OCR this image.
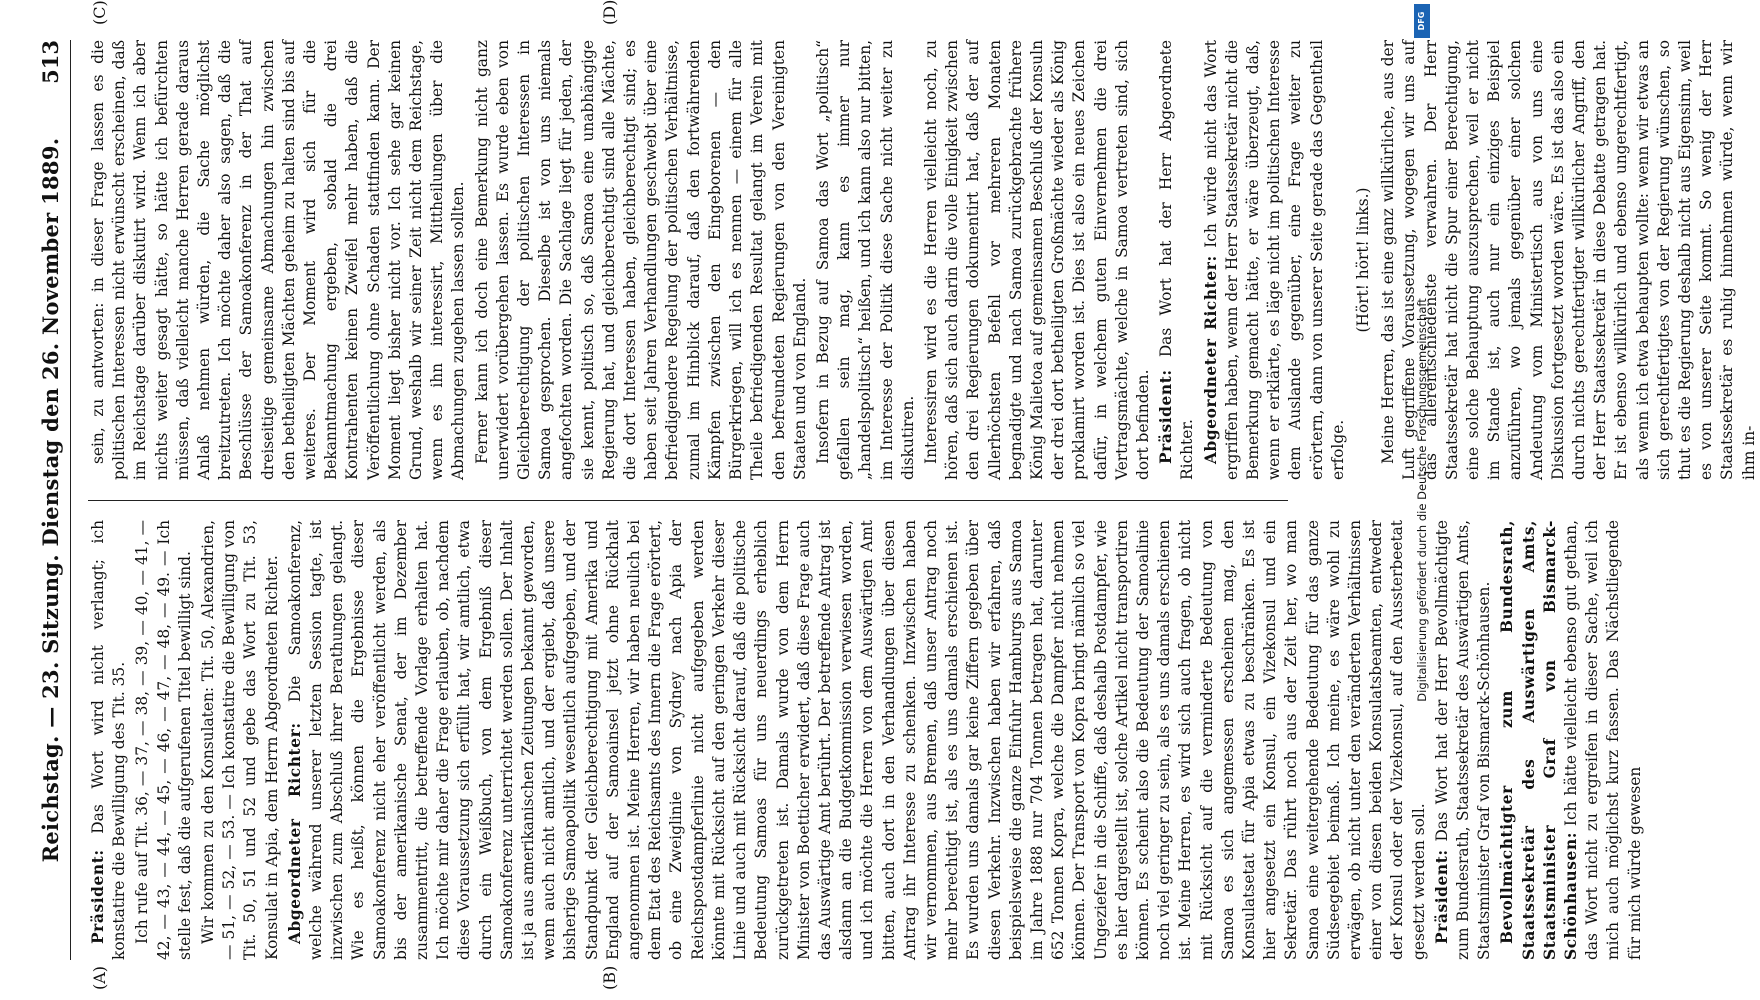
Reichstag. — 23. Sitzung. Dienstag den 26. November 1889.
513
(A)	(B)
(C)	(D)

Präsident: Das Wort wird nicht verlangt; ich konstatire die Bewilligung des Tit. 35. Ich rufe auf Tit. 36, — 37, — 38, — 39, — 40, — 41, — 42, — 43, — 44, — 45, — 46, — 47, — 48, — 49. — Ich stelle fest, daß die aufgerufenen Titel bewilligt sind. Wir kommen zu den Konsulaten: Tit. 50, Alexandrien, — 51, — 52, — 53. — Ich konstatire die Bewilligung von Tit. 50, 51 und 52 und gebe das Wort zu Tit. 53, Konsulat in Apia, dem Herrn Abgeordneten Richter. Abgeordneter Richter: Die Samoakonferenz, welche während unserer letzten Session tagte, ist inzwischen zum Abschluß ihrer Berathungen gelangt. Wie es heißt, können die Ergebnisse dieser Samoakonferenz nicht eher veröffentlicht werden, als bis der amerikanische Senat, der im Dezember zusammentritt, die betreffende Vorlage erhalten hat. Ich möchte mir daher die Frage erlauben, ob, nachdem diese Voraussetzung sich erfüllt hat, wir amtlich, etwa durch ein Weißbuch, von dem Ergebniß dieser Samoakonferenz unterrichtet werden sollen. Der Inhalt ist ja aus amerikanischen Zeitungen bekannt geworden, wenn auch nicht amtlich, und der ergiebt, daß unsere bisherige Samoapolitik wesentlich aufgegeben, und der Standpunkt der Gleichberechtigung mit Amerika und England auf der Samoainsel jetzt ohne Rückhalt angenommen ist. Meine Herren, wir haben neulich bei dem Etat des Reichsamts des Innern die Frage erörtert, ob eine Zweiglinie von Sydney nach Apia der Reichspostdampferlinie nicht aufgegeben werden könnte mit Rücksicht auf den geringen Verkehr dieser Linie und auch mit Rücksicht darauf, daß die politische Bedeutung Samoas für uns neuerdings erheblich zurückgetreten ist. Damals wurde von dem Herrn Minister von Boetticher erwidert, daß diese Frage auch das Auswärtige Amt berührt. Der betreffende Antrag ist alsdann an die Budgetkommission verwiesen worden, und ich möchte die Herren von dem Auswärtigen Amt bitten, auch dort in den Verhandlungen über diesen Antrag ihr Interesse zu schenken. Inzwischen haben wir vernommen, aus Bremen, daß unser Antrag noch mehr berechtigt ist, als es uns damals erschienen ist. Es wurden uns damals gar keine Ziffern gegeben über diesen Verkehr. Inzwischen haben wir erfahren, daß beispielsweise die ganze Einfuhr Hamburgs aus Samoa im Jahre 1888 nur 704 Tonnen betragen hat, darunter 652 Tonnen Kopra, welche die Dampfer nicht nehmen können. Der Transport von Kopra bringt nämlich so viel Ungeziefer in die Schiffe, daß deshalb Postdampfer, wie es hier dargestellt ist, solche Artikel nicht transportiren können. Es scheint also die Bedeutung der Samoalinie noch viel geringer zu sein, als es uns damals erschienen ist. Meine Herren, es wird sich auch fragen, ob nicht mit Rücksicht auf die verminderte Bedeutung von Samoa es sich angemessen erscheinen mag, den Konsulatsetat für Apia etwas zu beschränken. Es ist hier angesetzt ein Konsul, ein Vizekonsul und ein Sekretär. Das rührt noch aus der Zeit her, wo man Samoa eine weitergehende Bedeutung für das ganze Südseegebiet beimaß. Ich meine, es wäre wohl zu erwägen, ob nicht unter den veränderten Verhältnissen einer von diesen beiden Konsulatsbeamten, entweder der Konsul oder der Vizekonsul, auf den Aussterbeetat gesetzt werden soll. Präsident: Das Wort hat der Herr Bevollmächtigte zum Bundesrath, Staatssekretär des Auswärtigen Amts, Staatsminister Graf von Bismarck-Schönhausen. Bevollmächtigter zum Bundesrath, Staatssekretär des Auswärtigen Amts, Staatsminister Graf von Bismarck-Schönhausen: Ich hätte vielleicht ebenso gut gethan, das Wort nicht zu ergreifen in dieser Sache, weil ich mich auch möglichst kurz fassen. Das Nächstliegende für mich würde gewesen

sein, zu antworten: in dieser Frage lassen es die politischen Interessen nicht erwünscht erscheinen, daß im Reichstage darüber diskutirt wird. Wenn ich aber nichts weiter gesagt hätte, so hätte ich befürchten müssen, daß vielleicht manche Herren gerade daraus Anlaß nehmen würden, die Sache möglichst breitzutreten. Ich möchte daher also sagen, daß die Beschlüsse der Samoakonferenz in der That auf dreiseitige gemeinsame Abmachungen hin zwischen den betheiligten Mächten geheim zu halten sind bis auf weiteres. Der Moment wird sich für die Bekanntmachung ergeben, sobald die drei Kontrahenten keinen Zweifel mehr haben, daß die Veröffentlichung ohne Schaden stattfinden kann. Der Moment liegt bisher nicht vor. Ich sehe gar keinen Grund, weshalb wir seiner Zeit nicht dem Reichstage, wenn es ihn interessirt, Mittheilungen über die Abmachungen zugehen lassen sollten. Ferner kann ich doch eine Bemerkung nicht ganz unerwidert vorübergehen lassen. Es wurde eben von Gleichberechtigung der politischen Interessen in Samoa gesprochen. Dieselbe ist von uns niemals angefochten worden. Die Sachlage liegt für jeden, der sie kennt, politisch so, daß Samoa eine unabhängige Regierung hat, und gleichberechtigt sind alle Mächte, die dort Interessen haben, gleichberechtigt sind; es haben seit Jahren Verhandlungen geschwebt über eine befriedigendere Regelung der politischen Verhältnisse, zumal im Hinblick darauf, daß den fortwährenden Kämpfen zwischen den Eingeborenen — den Bürgerkriegen, will ich es nennen — einem für alle Theile befriedigenden Resultat gelangt im Verein mit den befreundeten Regierungen von den Vereinigten Staaten und von England. Insofern in Bezug auf Samoa das Wort „politisch“ gefallen sein mag, kann es immer nur „handelspolitisch“ heißen, und ich kann also nur bitten, im Interesse der Politik diese Sache nicht weiter zu diskutiren. Interessiren wird es die Herren vielleicht noch, zu hören, daß sich auch darin die volle Einigkeit zwischen den drei Regierungen dokumentirt hat, daß der auf Allerhöchsten Befehl vor mehreren Monaten begnadigte und nach Samoa zurückgebrachte frühere König Malietoa auf gemeinsamen Beschluß der Konsuln der drei dort betheiligten Großmächte wieder als König proklamirt worden ist. Dies ist also ein neues Zeichen dafür, in welchem guten Einvernehmen die drei Vertragsmächte, welche in Samoa vertreten sind, sich dort befinden. Präsident: Das Wort hat der Herr Abgeordnete Richter. Abgeordneter Richter: Ich würde nicht das Wort ergriffen haben, wenn der Herr Staatssekretär nicht die Bemerkung gemacht hätte, er wäre überzeugt, daß, wenn er erklärte, es läge nicht im politischen Interesse dem Auslande gegenüber, eine Frage weiter zu erörtern, dann von unserer Seite gerade das Gegentheil erfolge.

(Hört! hört! links.) Meine Herren, das ist eine ganz willkürliche, aus der Luft gegriffene Voraussetzung, wogegen wir uns auf das allerentschiedenste verwahren. Der Herr Staatssekretär hat nicht die Spur einer Berechtigung, eine solche Behauptung auszusprechen, weil er nicht im Stande ist, auch nur ein einziges Beispiel anzuführen, wo jemals gegenüber einer solchen Andeutung vom Ministertisch aus von uns eine Diskussion fortgesetzt worden wäre. Es ist das also ein durch nichts gerechtfertigter willkürlicher Angriff, den der Herr Staatssekretär in diese Debatte getragen hat. Er ist ebenso willkürlich und ebenso ungerechtfertigt, als wenn ich etwa behaupten wollte: wenn wir etwas an sich gerechtfertigtes von der Regierung wünschen, so thut es die Regierung deshalb nicht aus Eigensinn, weil es von unserer Seite kommt. So wenig der Herr Staatssekretär es ruhig hinnehmen würde, wenn wir ihm in-

Digitalisierung gefördert durch die Deutsche Forschungsgemeinschaft
DFG
